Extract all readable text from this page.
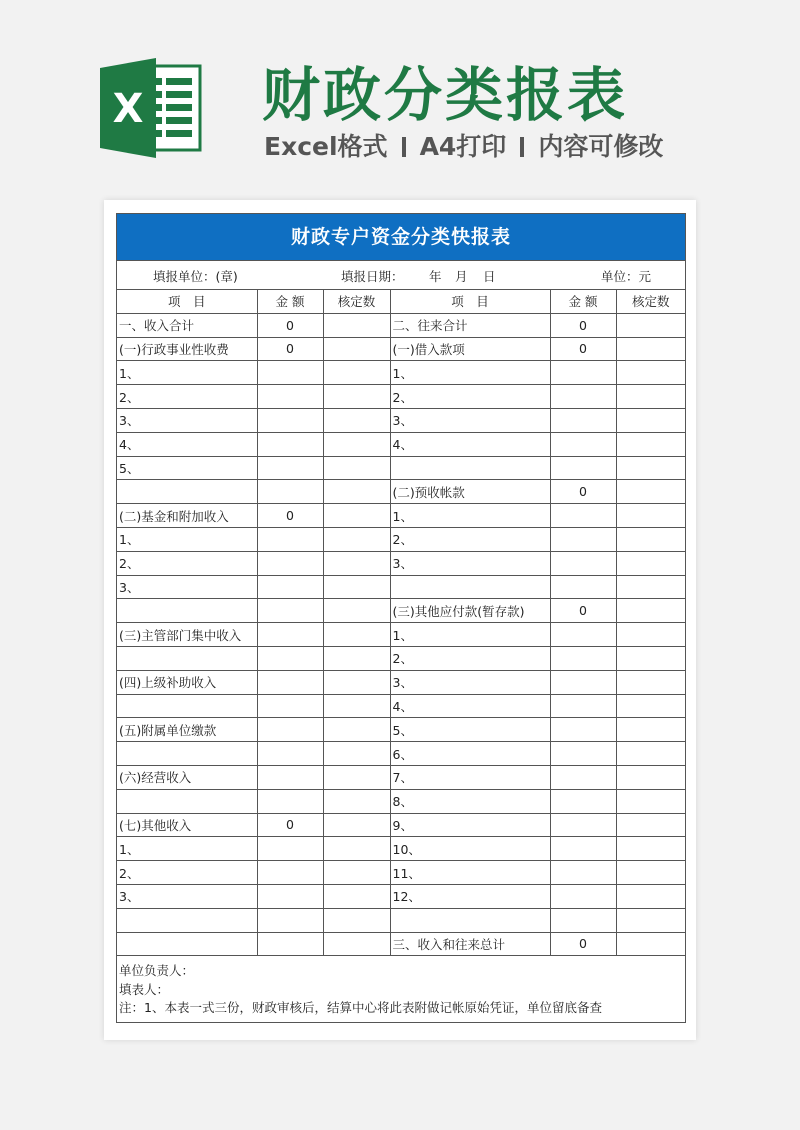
X 财政分类报表
Excel格式 A4打印 内容可修改
财政专户资金分类快报表
填报单位：(章)	填报日期： 年 月 日	单位：元
项　目	金 额	核定数	项　目	金 额	核定数
一、收入合计	0		二、往来合计	0	
(一)行政事业性收费	0		(一)借入款项	0	
1、			1、		
2、			2、		
3、			3、		
4、			4、		
5、					
			(二)预收帐款	0	
(二)基金和附加收入	0		1、		
1、			2、		
2、			3、		
3、					
			(三)其他应付款(暂存款)	0	
(三)主管部门集中收入			1、		
			2、		
(四)上级补助收入			3、		
			4、		
(五)附属单位缴款			5、		
			6、		
(六)经营收入			7、		
			8、		
(七)其他收入	0		9、		
1、			10、		
2、			11、		
3、			12、		

			三、收入和往来总计	0	
单位负责人：
填表人：
注：1、本表一式三份，财政审核后，结算中心将此表附做记帐原始凭证，单位留底备查
